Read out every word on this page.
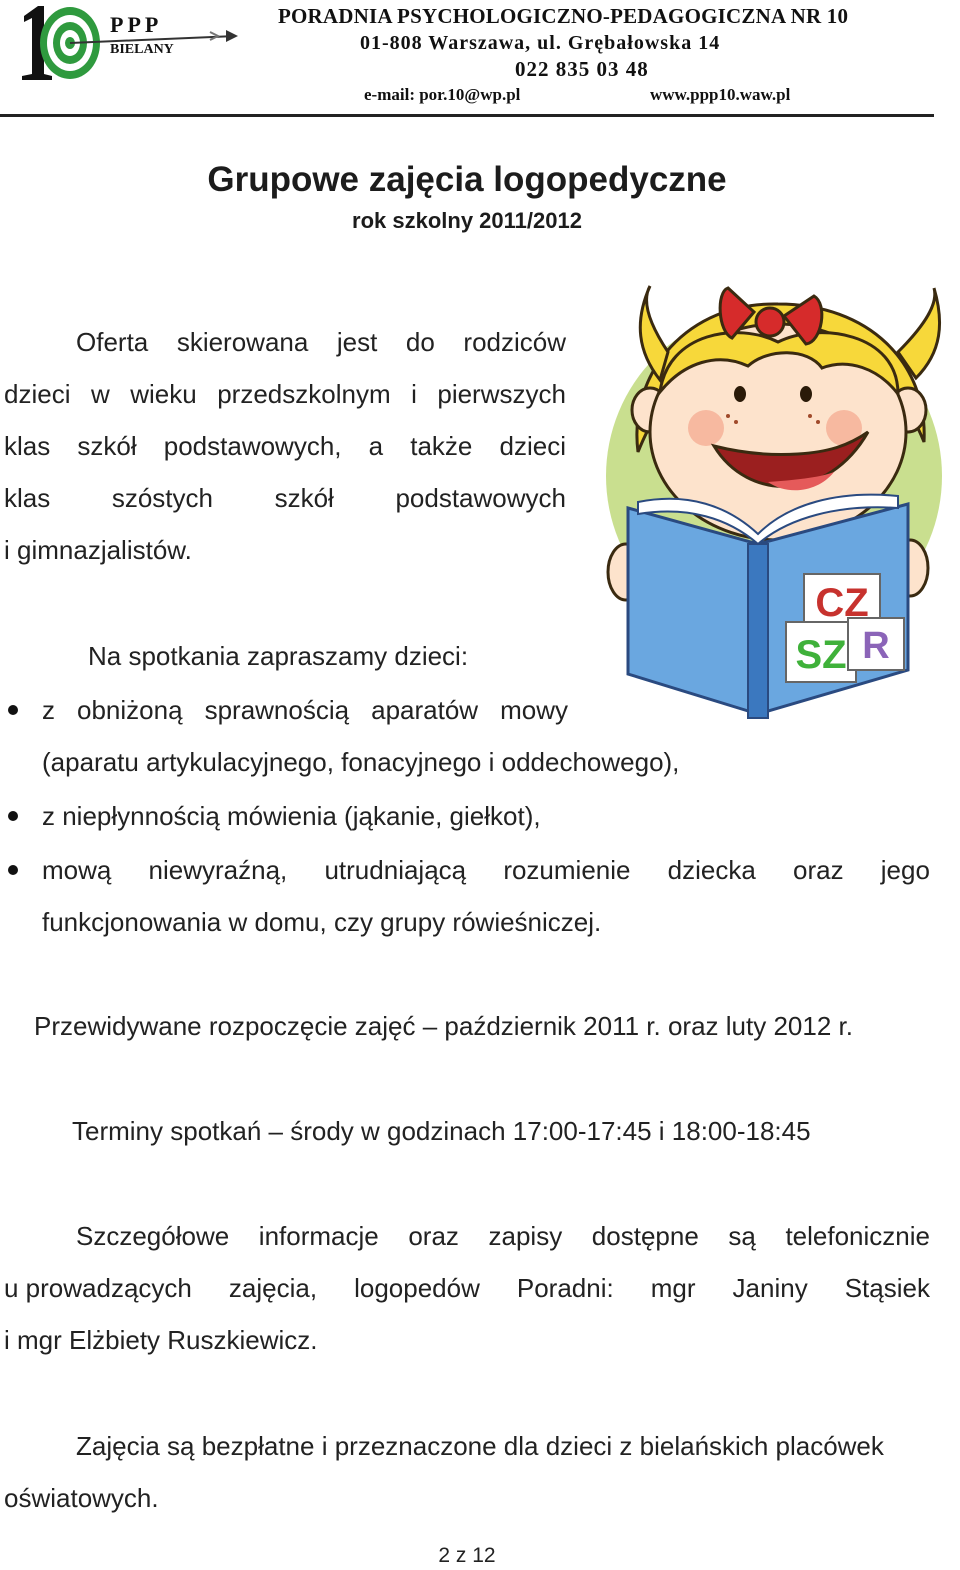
PPP
BIELANY
PORADNIA PSYCHOLOGICZNO-PEDAGOGICZNA NR 10
01-808 Warszawa, ul. Grębałowska 14
022 835 03 48
e-mail: por.10@wp.pl	www.ppp10.waw.pl
Grupowe zajęcia logopedyczne
rok szkolny 2011/2012
Oferta skierowana jest do rodziców
dzieci w wieku przedszkolnym i pierwszych
klas szkół podstawowych, a także dzieci
klas szóstych szkół podstawowych
i gimnazjalistów.
Na spotkania zapraszamy dzieci:
z obniżoną sprawnością aparatów mowy
(aparatu artykulacyjnego, fonacyjnego i oddechowego),
z niepłynnością mówienia (jąkanie, giełkot),
mową niewyraźną, utrudniającą rozumienie dziecka oraz jego
funkcjonowania w domu, czy grupy rówieśniczej.
Przewidywane rozpoczęcie zajęć – październik 2011 r. oraz luty 2012 r.
Terminy spotkań – środy w godzinach 17:00-17:45 i 18:00-18:45
Szczegółowe informacje oraz zapisy dostępne są telefonicznie
u prowadzących zajęcia, logopedów Poradni: mgr Janiny Stąsiek
i mgr Elżbiety Ruszkiewicz.
Zajęcia są bezpłatne i przeznaczone dla dzieci z bielańskich placówek
oświatowych.
2 z 12
CZ
SZ R
